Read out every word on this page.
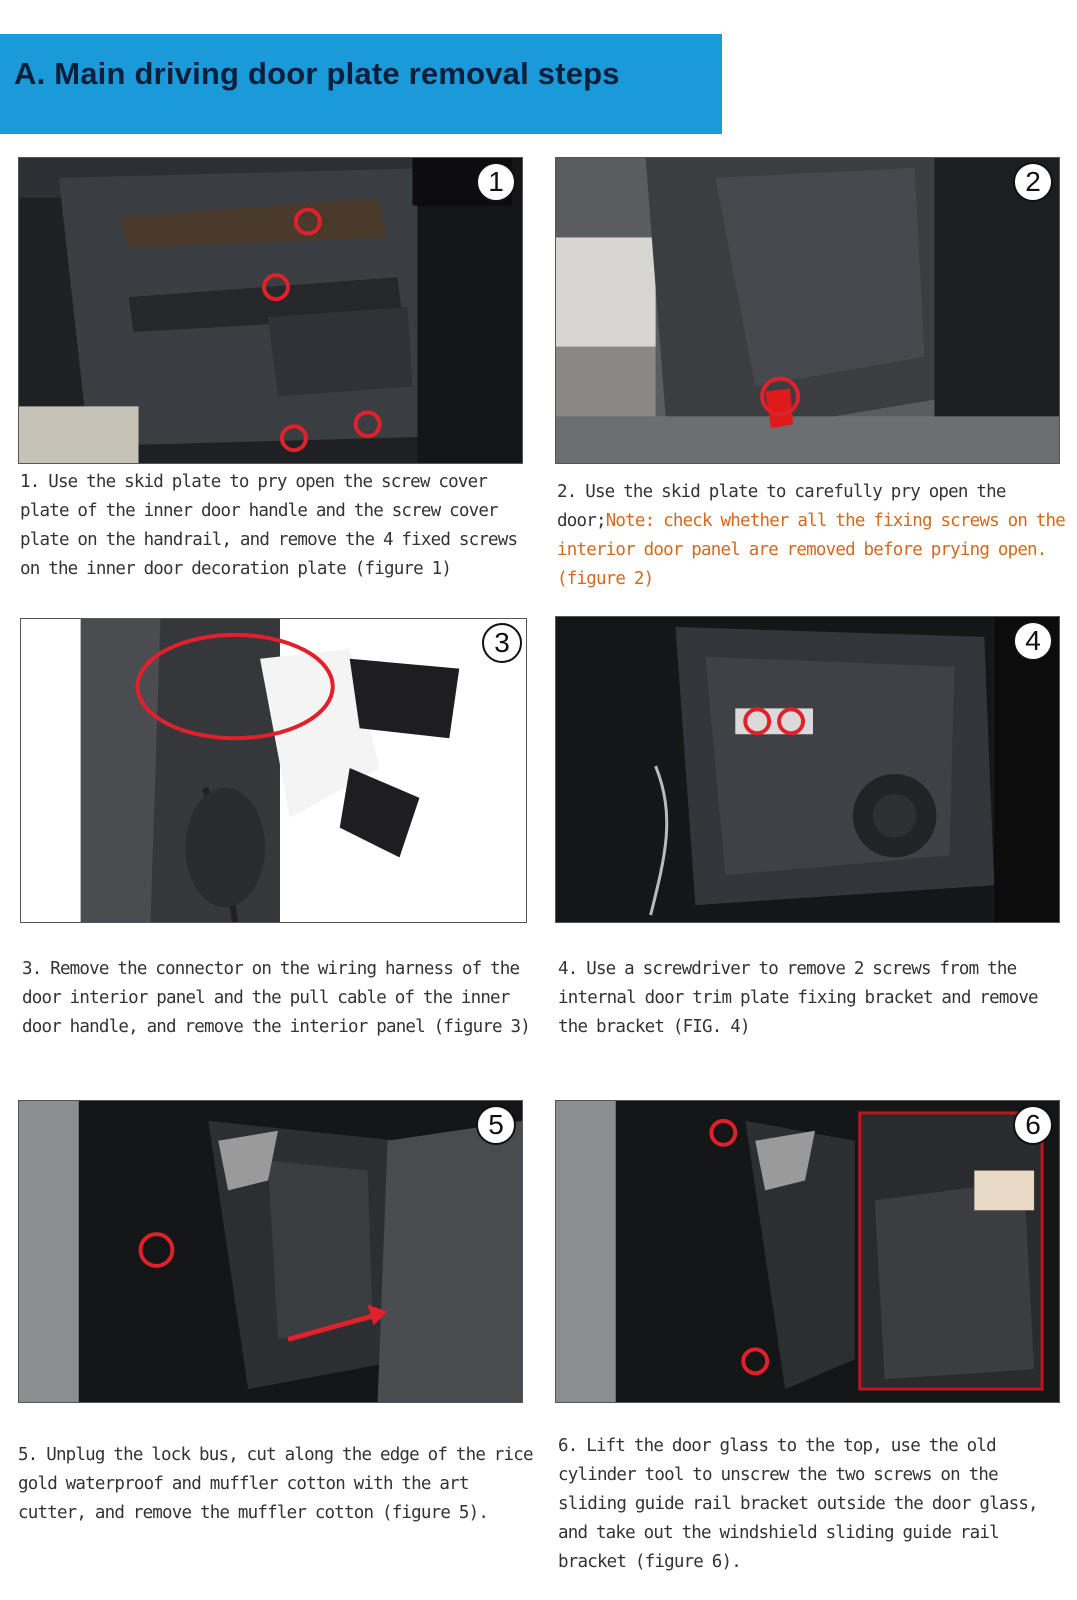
A. Main driving door plate removal steps
1
1. Use the skid plate to pry open the screw cover plate of the inner door handle and the screw cover plate on the handrail, and remove the 4 fixed screws on the inner door decoration plate (figure 1)
2
2. Use the skid plate to carefully pry open the door;Note: check whether all the fixing screws on the interior door panel are removed before prying open. (figure 2)
3
3. Remove the connector on the wiring harness of the door interior panel and the pull cable of the inner door handle, and remove the interior panel (figure 3)
4
4. Use a screwdriver to remove 2 screws from the internal door trim plate fixing bracket and remove the bracket (FIG. 4)
5
5. Unplug the lock bus, cut along the edge of the rice gold waterproof and muffler cotton with the art cutter, and remove the muffler cotton (figure 5).
6
6. Lift the door glass to the top, use the old cylinder tool to unscrew the two screws on the sliding guide rail bracket outside the door glass, and take out the windshield sliding guide rail bracket (figure 6).
